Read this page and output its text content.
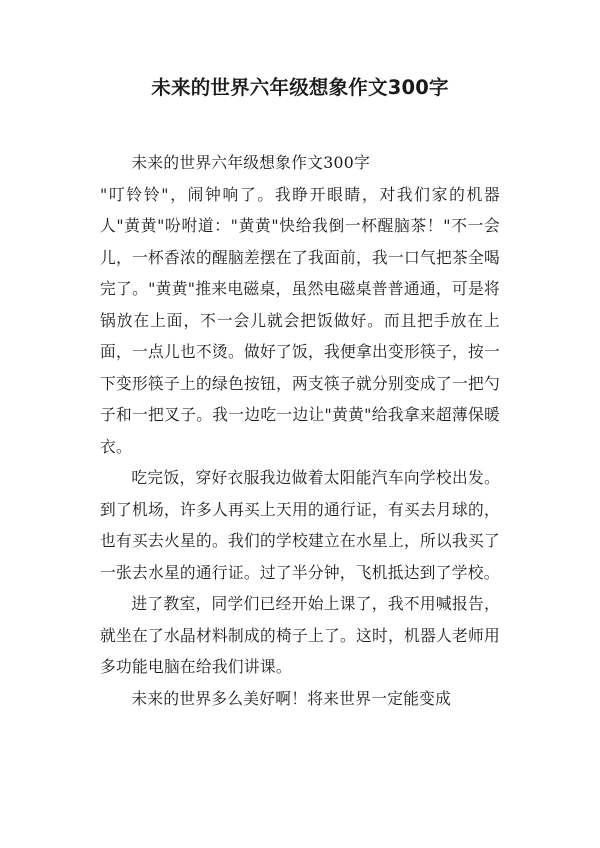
未来的世界六年级想象作文300字

未来的世界六年级想象作文300字

"叮铃铃"，闹钟响了。我睁开眼睛，对我们家的机器人"黄黄"吩咐道："黄黄"快给我倒一杯醒脑茶！"不一会儿，一杯香浓的醒脑差摆在了我面前，我一口气把茶全喝完了。"黄黄"推来电磁桌，虽然电磁桌普普通通，可是将锅放在上面，不一会儿就会把饭做好。而且把手放在上面，一点儿也不烫。做好了饭，我便拿出变形筷子，按一下变形筷子上的绿色按钮，两支筷子就分别变成了一把勺子和一把叉子。我一边吃一边让"黄黄"给我拿来超薄保暖衣。

吃完饭，穿好衣服我边做着太阳能汽车向学校出发。到了机场，许多人再买上天用的通行证，有买去月球的，也有买去火星的。我们的学校建立在水星上，所以我买了一张去水星的通行证。过了半分钟，飞机抵达到了学校。

进了教室，同学们已经开始上课了，我不用喊报告，就坐在了水晶材料制成的椅子上了。这时，机器人老师用多功能电脑在给我们讲课。

未来的世界多么美好啊！将来世界一定能变成
